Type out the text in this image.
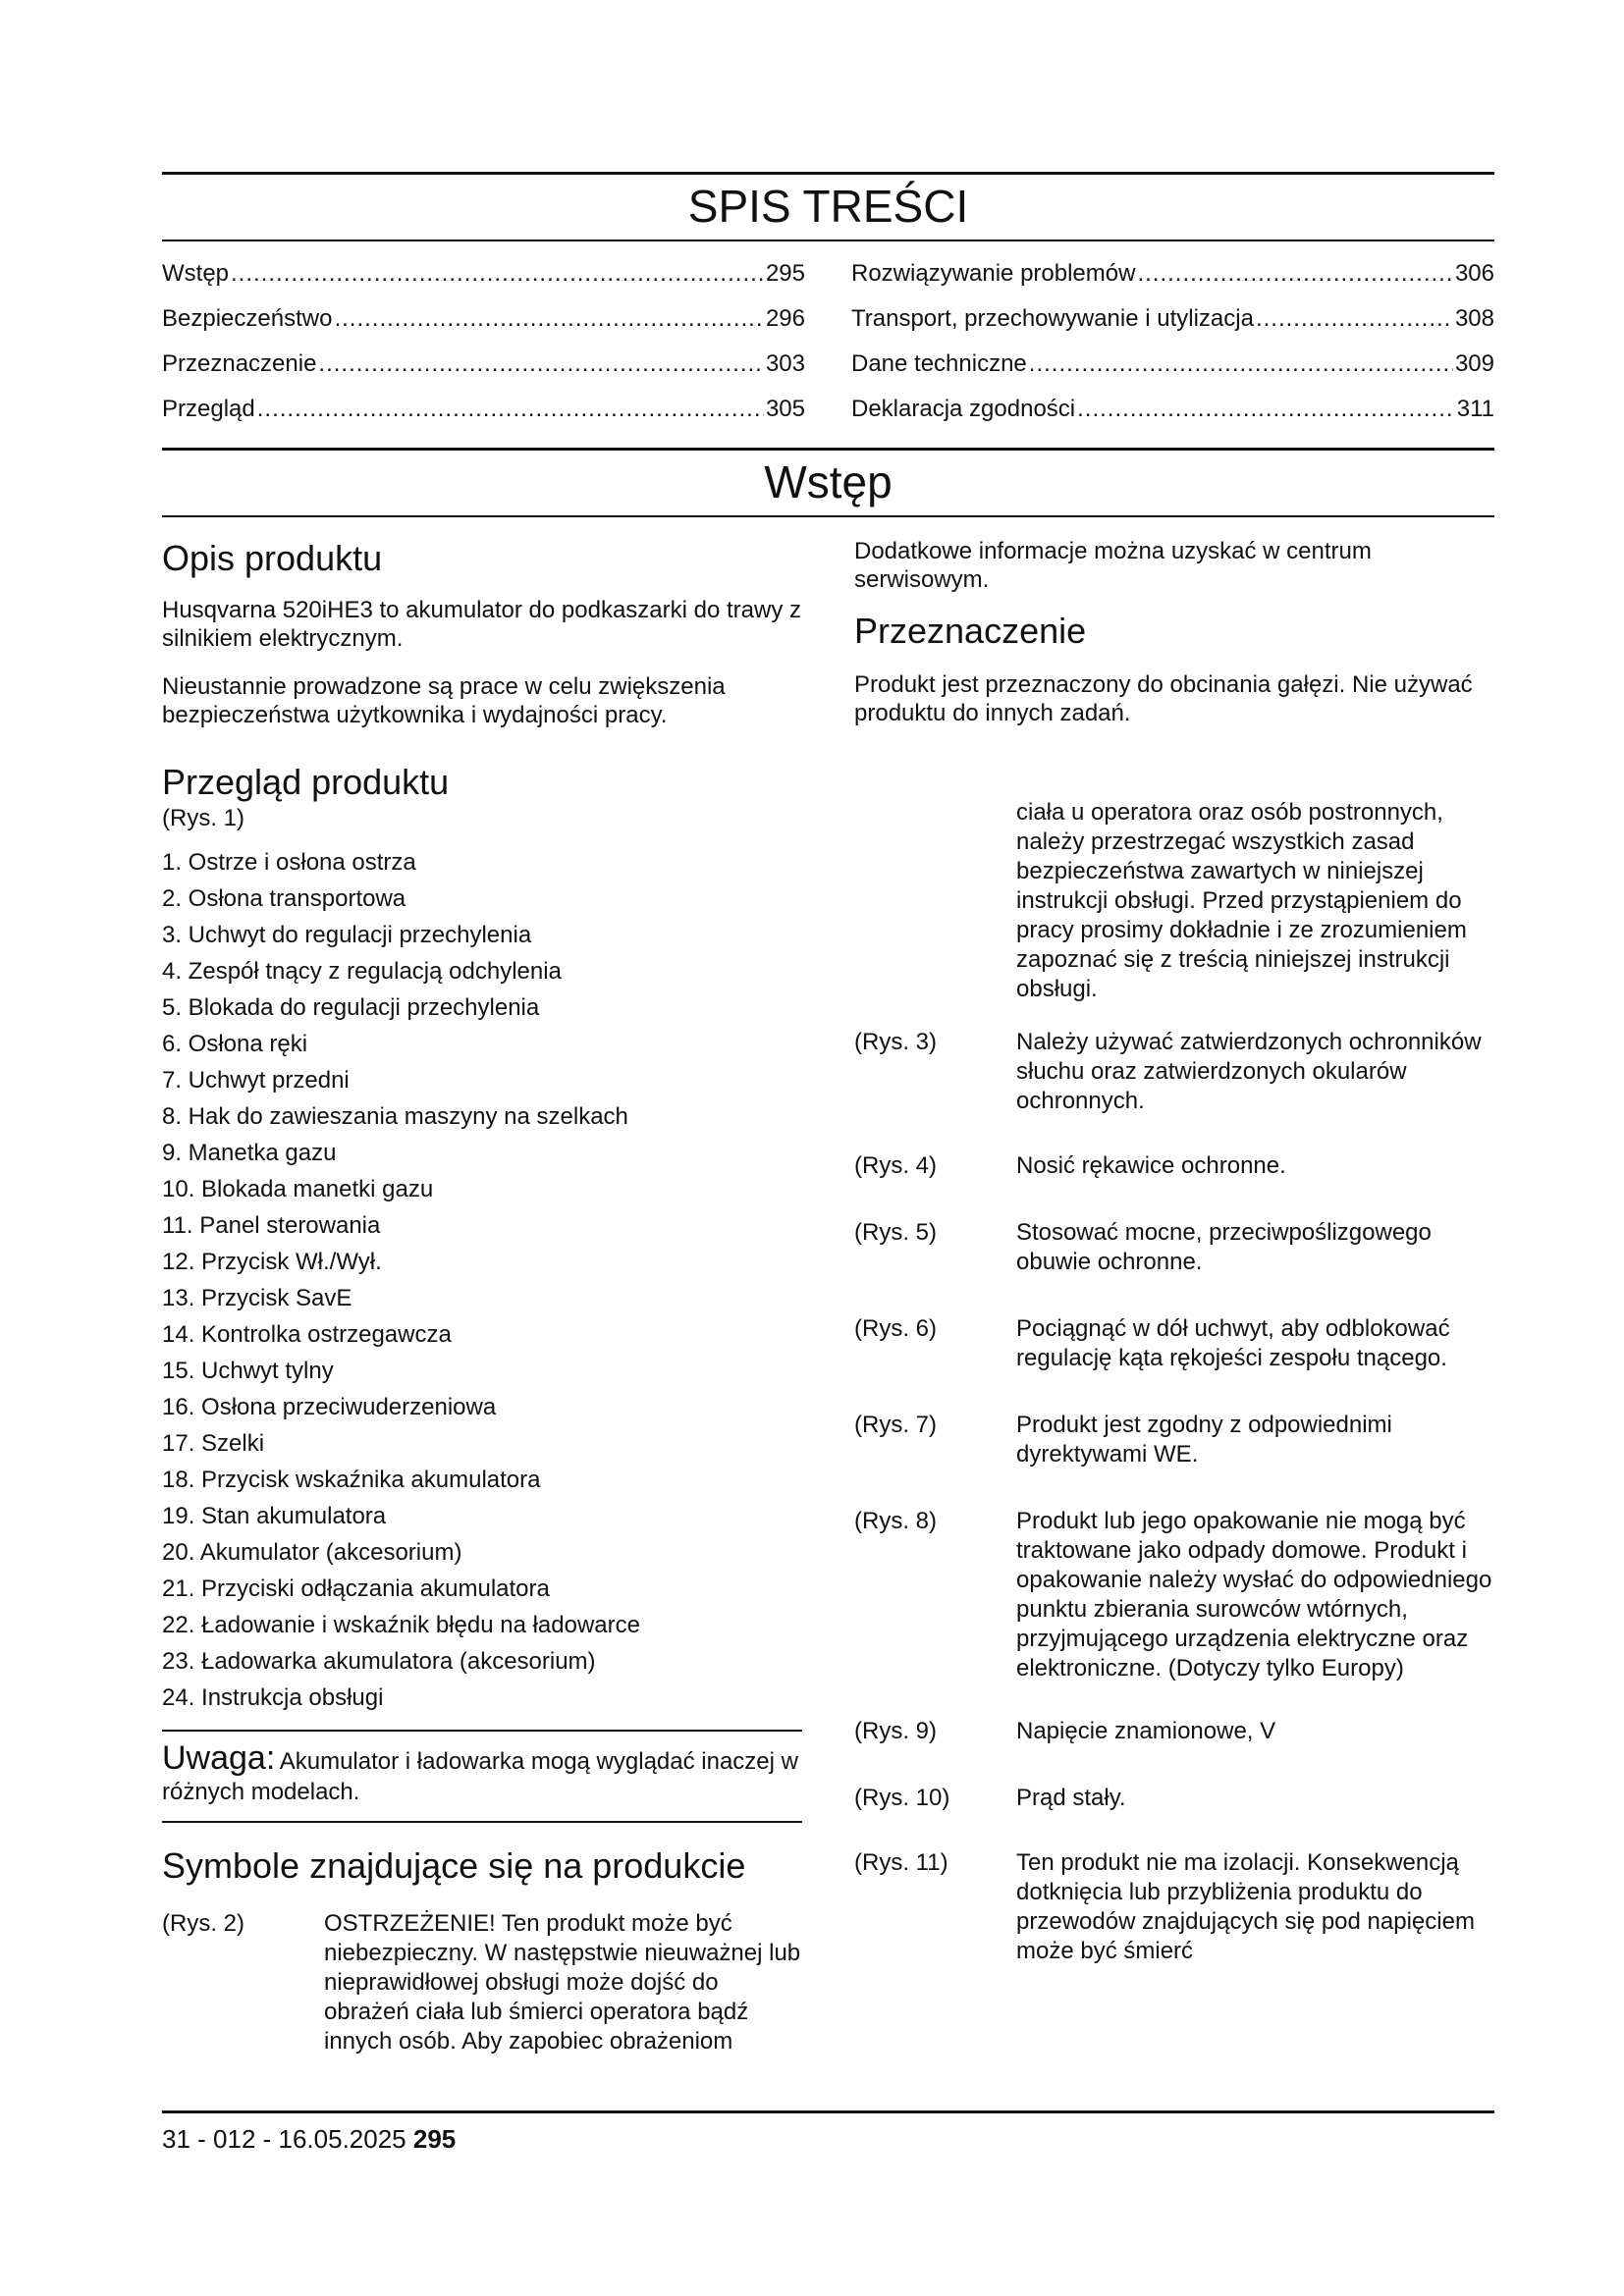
SPIS TREŚCI
Wstęp .....	295
Bezpieczeństwo .....	296
Przeznaczenie .....	303
Przegląd .....	305
Rozwiązywanie problemów .....	306
Transport, przechowywanie i utylizacja .....	308
Dane techniczne .....	309
Deklaracja zgodności .....	311
Wstęp
Opis produktu

Husqvarna 520iHE3 to akumulator do podkaszarki do trawy z silnikiem elektrycznym.

Nieustannie prowadzone są prace w celu zwiększenia bezpieczeństwa użytkownika i wydajności pracy.

Dodatkowe informacje można uzyskać w centrum serwisowym.

Przeznaczenie

Produkt jest przeznaczony do obcinania gałęzi. Nie używać produktu do innych zadań.

Przegląd produktu

(Rys. 1)

1. Ostrze i osłona ostrza
2. Osłona transportowa
3. Uchwyt do regulacji przechylenia
4. Zespół tnący z regulacją odchylenia
5. Blokada do regulacji przechylenia
6. Osłona ręki
7. Uchwyt przedni
8. Hak do zawieszania maszyny na szelkach
9. Manetka gazu
10. Blokada manetki gazu
11. Panel sterowania
12. Przycisk Wł./Wył.
13. Przycisk SavE
14. Kontrolka ostrzegawcza
15. Uchwyt tylny
16. Osłona przeciwuderzeniowa
17. Szelki
18. Przycisk wskaźnika akumulatora
19. Stan akumulatora
20. Akumulator (akcesorium)
21. Przyciski odłączania akumulatora
22. Ładowanie i wskaźnik błędu na ładowarce
23. Ładowarka akumulatora (akcesorium)
24. Instrukcja obsługi
Uwaga: Akumulator i ładowarka mogą wyglądać inaczej w różnych modelach.
Symbole znajdujące się na produkcie
(Rys. 2)	OSTRZEŻENIE! Ten produkt może być niebezpieczny. W następstwie nieuważnej lub nieprawidłowej obsługi może dojść do obrażeń ciała lub śmierci operatora bądź innych osób. Aby zapobiec obrażeniom
ciała u operatora oraz osób postronnych, należy przestrzegać wszystkich zasad bezpieczeństwa zawartych w niniejszej instrukcji obsługi. Przed przystąpieniem do pracy prosimy dokładnie i ze zrozumieniem zapoznać się z treścią niniejszej instrukcji obsługi.
(Rys. 3)	Należy używać zatwierdzonych ochronników słuchu oraz zatwierdzonych okularów ochronnych.
(Rys. 4)	Nosić rękawice ochronne.
(Rys. 5)	Stosować mocne, przeciwpoślizgowego obuwie ochronne.
(Rys. 6)	Pociągnąć w dół uchwyt, aby odblokować regulację kąta rękojeści zespołu tnącego.
(Rys. 7)	Produkt jest zgodny z odpowiednimi dyrektywami WE.
(Rys. 8)	Produkt lub jego opakowanie nie mogą być traktowane jako odpady domowe. Produkt i opakowanie należy wysłać do odpowiedniego punktu zbierania surowców wtórnych, przyjmującego urządzenia elektryczne oraz elektroniczne. (Dotyczy tylko Europy)
(Rys. 9)	Napięcie znamionowe, V
(Rys. 10)	Prąd stały.
(Rys. 11)	Ten produkt nie ma izolacji. Konsekwencją dotknięcia lub przybliżenia produktu do przewodów znajdujących się pod napięciem może być śmierć
31 - 012 - 16.05.2025 295
